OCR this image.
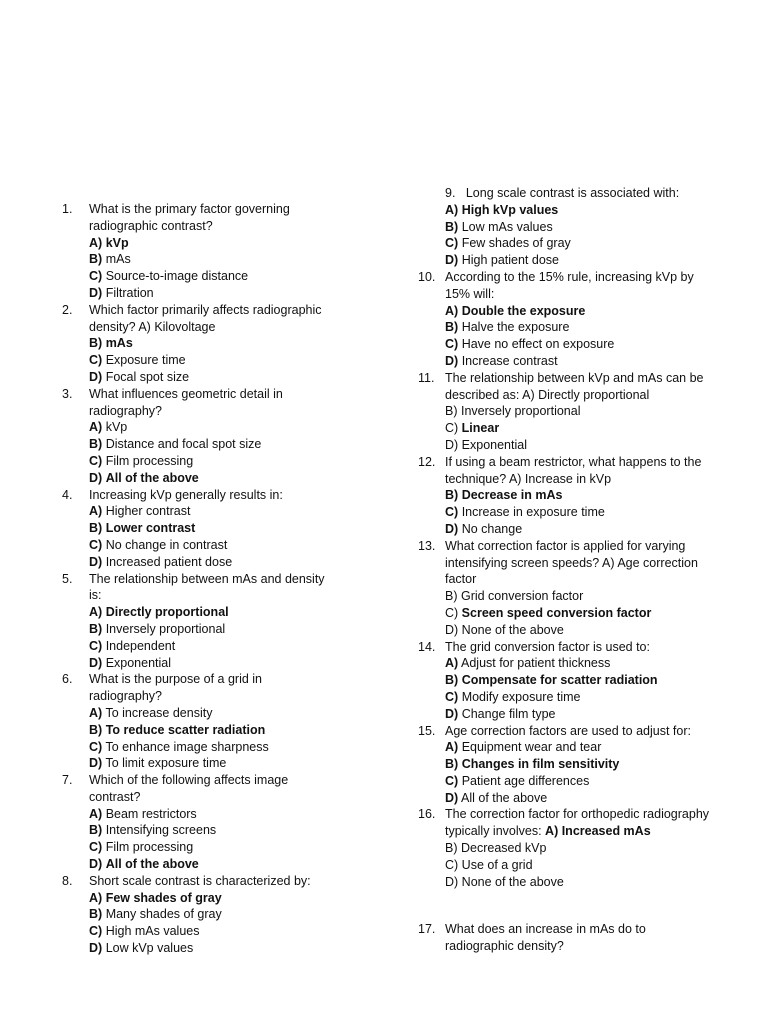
1.	What is the primary factor governing
radiographic contrast?
A) kVp
B) mAs
C) Source-to-image distance
D) Filtration
2.	Which factor primarily affects radiographic
density? A) Kilovoltage
B) mAs
C) Exposure time
D) Focal spot size
3.	What influences geometric detail in
radiography?
A) kVp
B) Distance and focal spot size
C) Film processing
D) All of the above
4.	Increasing kVp generally results in:
A) Higher contrast
B) Lower contrast
C) No change in contrast
D) Increased patient dose
5.	The relationship between mAs and density
is:
A) Directly proportional
B) Inversely proportional
C) Independent
D) Exponential
6.	What is the purpose of a grid in
radiography?
A) To increase density
B) To reduce scatter radiation
C) To enhance image sharpness
D) To limit exposure time
7.	Which of the following affects image
contrast?
A) Beam restrictors
B) Intensifying screens
C) Film processing
D) All of the above
8.	Short scale contrast is characterized by:
A) Few shades of gray
B) Many shades of gray
C) High mAs values
D) Low kVp values
9. Long scale contrast is associated with:
A) High kVp values
B) Low mAs values
C) Few shades of gray
D) High patient dose
10. According to the 15% rule, increasing kVp by
15% will:
A) Double the exposure
B) Halve the exposure
C) Have no effect on exposure
D) Increase contrast
11. The relationship between kVp and mAs can be
described as: A) Directly proportional
B) Inversely proportional
C) Linear
D) Exponential
12. If using a beam restrictor, what happens to the
technique? A) Increase in kVp
B) Decrease in mAs
C) Increase in exposure time
D) No change
13. What correction factor is applied for varying
intensifying screen speeds? A) Age correction
factor
B) Grid conversion factor
C) Screen speed conversion factor
D) None of the above
14. The grid conversion factor is used to:
A) Adjust for patient thickness
B) Compensate for scatter radiation
C) Modify exposure time
D) Change film type
15. Age correction factors are used to adjust for:
A) Equipment wear and tear
B) Changes in film sensitivity
C) Patient age differences
D) All of the above
16. The correction factor for orthopedic radiography
typically involves: A) Increased mAs
B) Decreased kVp
C) Use of a grid
D) None of the above
17. What does an increase in mAs do to
radiographic density?
